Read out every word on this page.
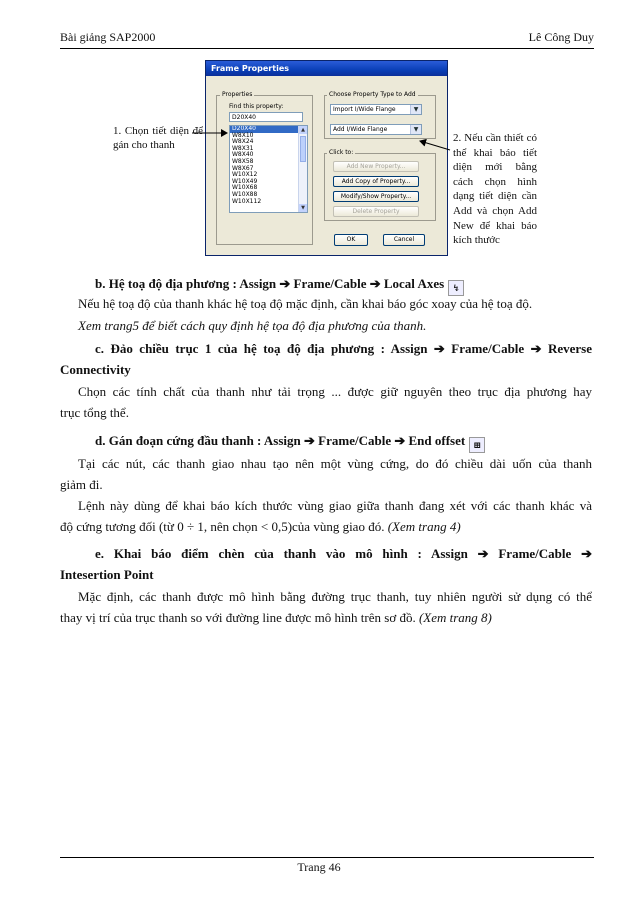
Bài giảng SAP2000	Lê Công Duy
Frame Properties
Properties
Find this property:
D20X40
D20X40
W8X10
W8X24
W8X31
W8X40
W8X58
W8X67
W10X12
W10X49
W10X68
W10X88
W10X112
▲
▼
Choose Property Type to Add
Import I/Wide Flange	▼
Add I/Wide Flange	▼
Click to:
Add New Property...
Add Copy of Property...
Modify/Show Property...
Delete Property
OK	Cancel
1. Chọn tiết diện để gán cho thanh
2. Nếu cần thiết có thể khai báo tiết diện mới bằng cách chọn hình dạng tiết diện cần Add và chọn Add New để khai báo kích thước
b. Hệ toạ độ địa phương : Assign ➔ Frame/Cable ➔ Local Axes ↯
Nếu hệ toạ độ của thanh khác hệ toạ độ mặc định, cần khai báo góc xoay của hệ toạ độ.
Xem trang5 để biết cách quy định hệ tọa độ địa phương của thanh.
c. Đảo chiều trục 1 của hệ toạ độ địa phương : Assign ➔ Frame/Cable ➔ Reverse
Connectivity
Chọn các tính chất của thanh như tải trọng ... được giữ nguyên theo trục địa phương hay
trục tổng thể.
d. Gán đoạn cứng đầu thanh : Assign ➔ Frame/Cable ➔ End offset ⊞
Tại các nút, các thanh giao nhau tạo nên một vùng cứng, do đó chiều dài uốn của thanh
giảm đi.
Lệnh này dùng để khai báo kích thước vùng giao giữa thanh đang xét với các thanh khác và
độ cứng tương đối (từ 0 ÷ 1, nên chọn < 0,5)của vùng giao đó. (Xem trang 4)
e. Khai báo điểm chèn của thanh vào mô hình : Assign ➔ Frame/Cable ➔
Intesertion Point
Mặc định, các thanh được mô hình bằng đường trục thanh, tuy nhiên người sử dụng có thể
thay vị trí của trục thanh so với đường line được mô hình trên sơ đồ. (Xem trang 8)
Trang 46
